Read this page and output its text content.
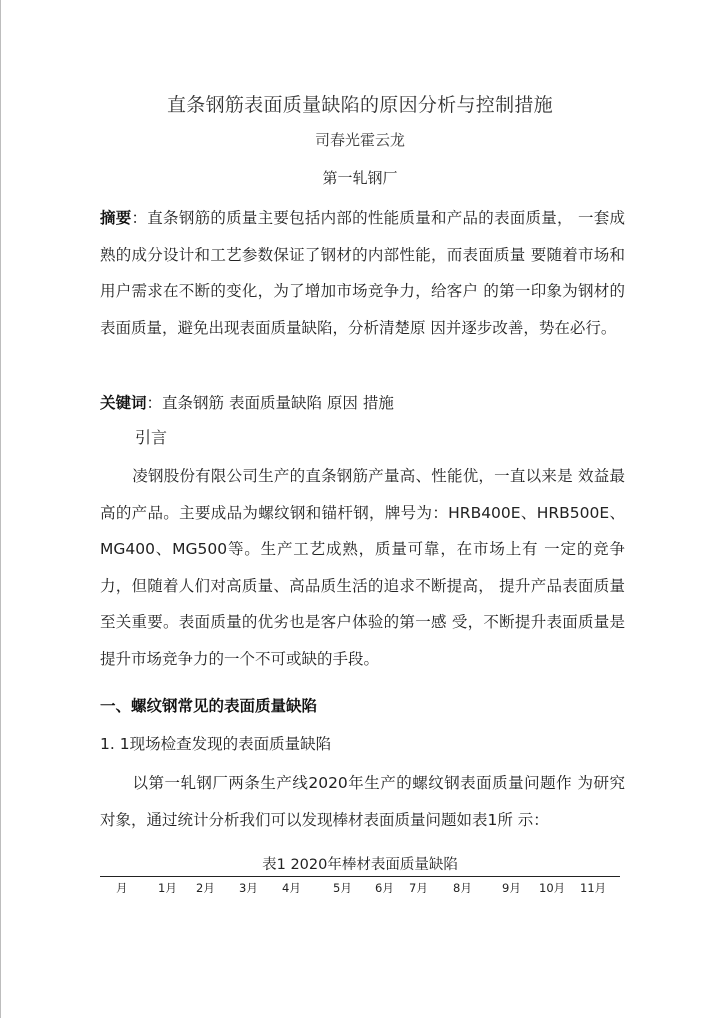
直条钢筋表面质量缺陷的原因分析与控制措施
司春光霍云龙
第一轧钢厂
摘要：直条钢筋的质量主要包括内部的性能质量和产品的表面质量， 一套成熟的成分设计和工艺参数保证了钢材的内部性能，而表面质量 要随着市场和用户需求在不断的变化，为了增加市场竞争力，给客户 的第一印象为钢材的表面质量，避免出现表面质量缺陷，分析清楚原 因并逐步改善，势在必行。
关键词：直条钢筋 表面质量缺陷 原因 措施
引言
凌钢股份有限公司生产的直条钢筋产量高、性能优，一直以来是 效益最高的产品。主要成品为螺纹钢和锚杆钢，牌号为：HRB400E、HRB500E、MG400、MG500等。生产工艺成熟，质量可靠，在市场上有 一定的竞争力，但随着人们对高质量、高品质生活的追求不断提高， 提升产品表面质量至关重要。表面质量的优劣也是客户体验的第一感 受，不断提升表面质量是提升市场竞争力的一个不可或缺的手段。
一、螺纹钢常见的表面质量缺陷
1. 1现场检查发现的表面质量缺陷
以第一轧钢厂两条生产线2020年生产的螺纹钢表面质量问题作 为研究对象，通过统计分析我们可以发现棒材表面质量问题如表1所 示：
表1 2020年棒材表面质量缺陷
月	1月 2月 3月 4月	5月 6月 7月 8月	9月 10月 11月
